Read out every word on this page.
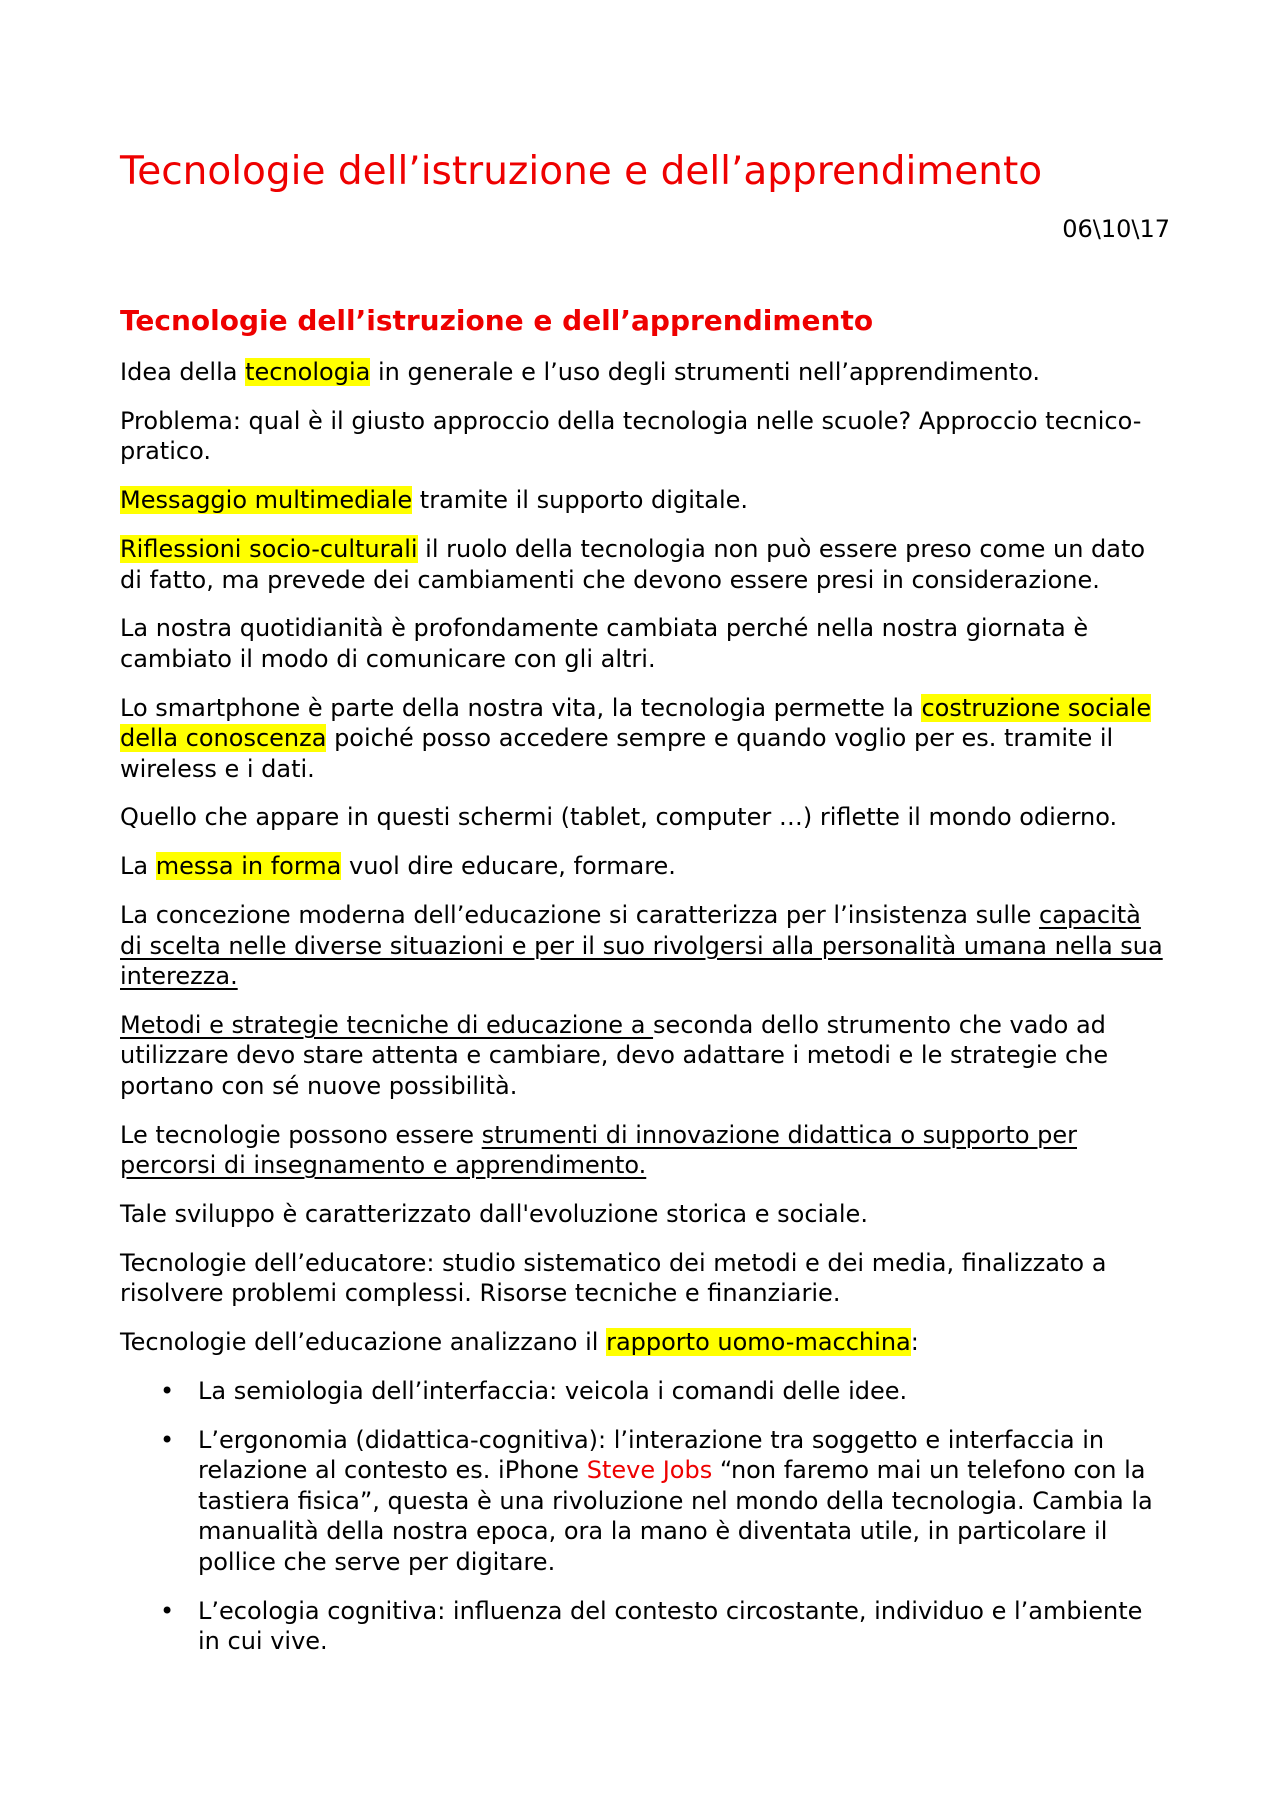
Tecnologie dell’istruzione e dell’apprendimento
06\10\17
Tecnologie dell’istruzione e dell’apprendimento

Idea della tecnologia in generale e l’uso degli strumenti nell’apprendimento.

Problema: qual è il giusto approccio della tecnologia nelle scuole? Approccio tecnico-pratico.

Messaggio multimediale tramite il supporto digitale.

Riflessioni socio-culturali il ruolo della tecnologia non può essere preso come un dato di fatto, ma prevede dei cambiamenti che devono essere presi in considerazione.

La nostra quotidianità è profondamente cambiata perché nella nostra giornata è cambiato il modo di comunicare con gli altri.

Lo smartphone è parte della nostra vita, la tecnologia permette la costruzione sociale della conoscenza poiché posso accedere sempre e quando voglio per es. tramite il wireless e i dati.

Quello che appare in questi schermi (tablet, computer …) riflette il mondo odierno.

La messa in forma vuol dire educare, formare.

La concezione moderna dell’educazione si caratterizza per l’insistenza sulle capacità di scelta nelle diverse situazioni e per il suo rivolgersi alla personalità umana nella sua interezza.

Metodi e strategie tecniche di educazione a seconda dello strumento che vado ad utilizzare devo stare attenta e cambiare, devo adattare i metodi e le strategie che portano con sé nuove possibilità.

Le tecnologie possono essere strumenti di innovazione didattica o supporto per percorsi di insegnamento e apprendimento.

Tale sviluppo è caratterizzato dall'evoluzione storica e sociale.

Tecnologie dell’educatore: studio sistematico dei metodi e dei media, finalizzato a risolvere problemi complessi. Risorse tecniche e finanziarie.

Tecnologie dell’educazione analizzano il rapporto uomo-macchina:

• La semiologia dell’interfaccia: veicola i comandi delle idee.
• L’ergonomia (didattica-cognitiva): l’interazione tra soggetto e interfaccia in relazione al contesto es. iPhone Steve Jobs “non faremo mai un telefono con la tastiera fisica”, questa è una rivoluzione nel mondo della tecnologia. Cambia la manualità della nostra epoca, ora la mano è diventata utile, in particolare il pollice che serve per digitare.
• L’ecologia cognitiva: influenza del contesto circostante, individuo e l’ambiente in cui vive.
